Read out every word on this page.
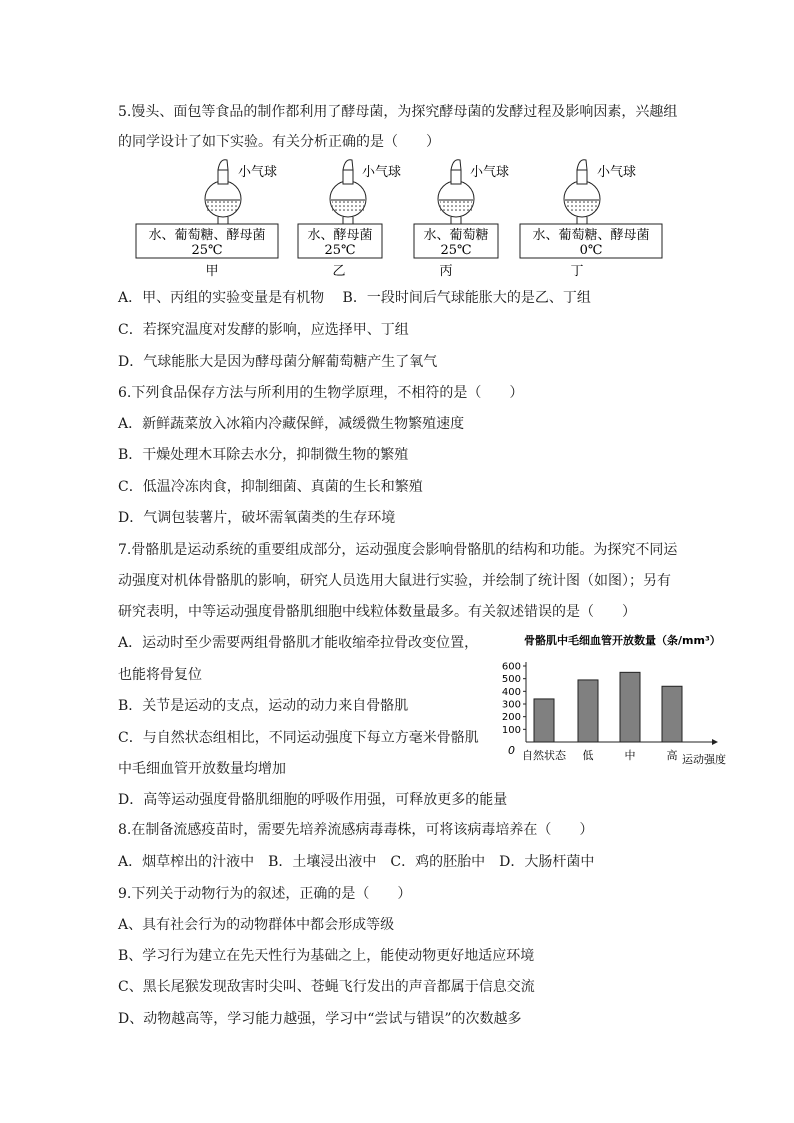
5.馒头、面包等食品的制作都利用了酵母菌，为探究酵母菌的发酵过程及影响因素，兴趣组
的同学设计了如下实验。有关分析正确的是（　　）
小气球
水、葡萄糖、酵母菌
25℃
甲
小气球
水、酵母菌
25℃
乙
小气球
水、葡萄糖
25℃
丙
小气球
水、葡萄糖、酵母菌
0℃
丁
A．甲、丙组的实验变量是有机物　 B．一段时间后气球能胀大的是乙、丁组
C．若探究温度对发酵的影响，应选择甲、丁组
D．气球能胀大是因为酵母菌分解葡萄糖产生了氧气
6.下列食品保存方法与所利用的生物学原理，不相符的是（　　）
A．新鲜蔬菜放入冰箱内冷藏保鲜，减缓微生物繁殖速度
B．干燥处理木耳除去水分，抑制微生物的繁殖
C．低温冷冻肉食，抑制细菌、真菌的生长和繁殖
D．气调包装薯片，破坏需氧菌类的生存环境
7.骨骼肌是运动系统的重要组成部分，运动强度会影响骨骼肌的结构和功能。为探究不同运
动强度对机体骨骼肌的影响，研究人员选用大鼠进行实验，并绘制了统计图（如图）；另有
研究表明，中等运动强度骨骼肌细胞中线粒体数量最多。有关叙述错误的是（　　）
A．运动时至少需要两组骨骼肌才能收缩牵拉骨改变位置，
也能将骨复位
B．关节是运动的支点，运动的动力来自骨骼肌
C．与自然状态组相比，不同运动强度下每立方毫米骨骼肌
中毛细血管开放数量均增加
D．高等运动强度骨骼肌细胞的呼吸作用强，可释放更多的能量
骨骼肌中毛细血管开放数量（条/mm³）
100
200
300
400
500
600
自然状态 低	中	高
0
运动强度
8.在制备流感疫苗时，需要先培养流感病毒毒株，可将该病毒培养在（　　）
A．烟草榨出的汁液中　B．土壤浸出液中　C．鸡的胚胎中　D．大肠杆菌中
9.下列关于动物行为的叙述，正确的是（　　）
A、具有社会行为的动物群体中都会形成等级
B、学习行为建立在先天性行为基础之上，能使动物更好地适应环境
C、黑长尾猴发现敌害时尖叫、苍蝇飞行发出的声音都属于信息交流
D、动物越高等，学习能力越强，学习中“尝试与错误”的次数越多
